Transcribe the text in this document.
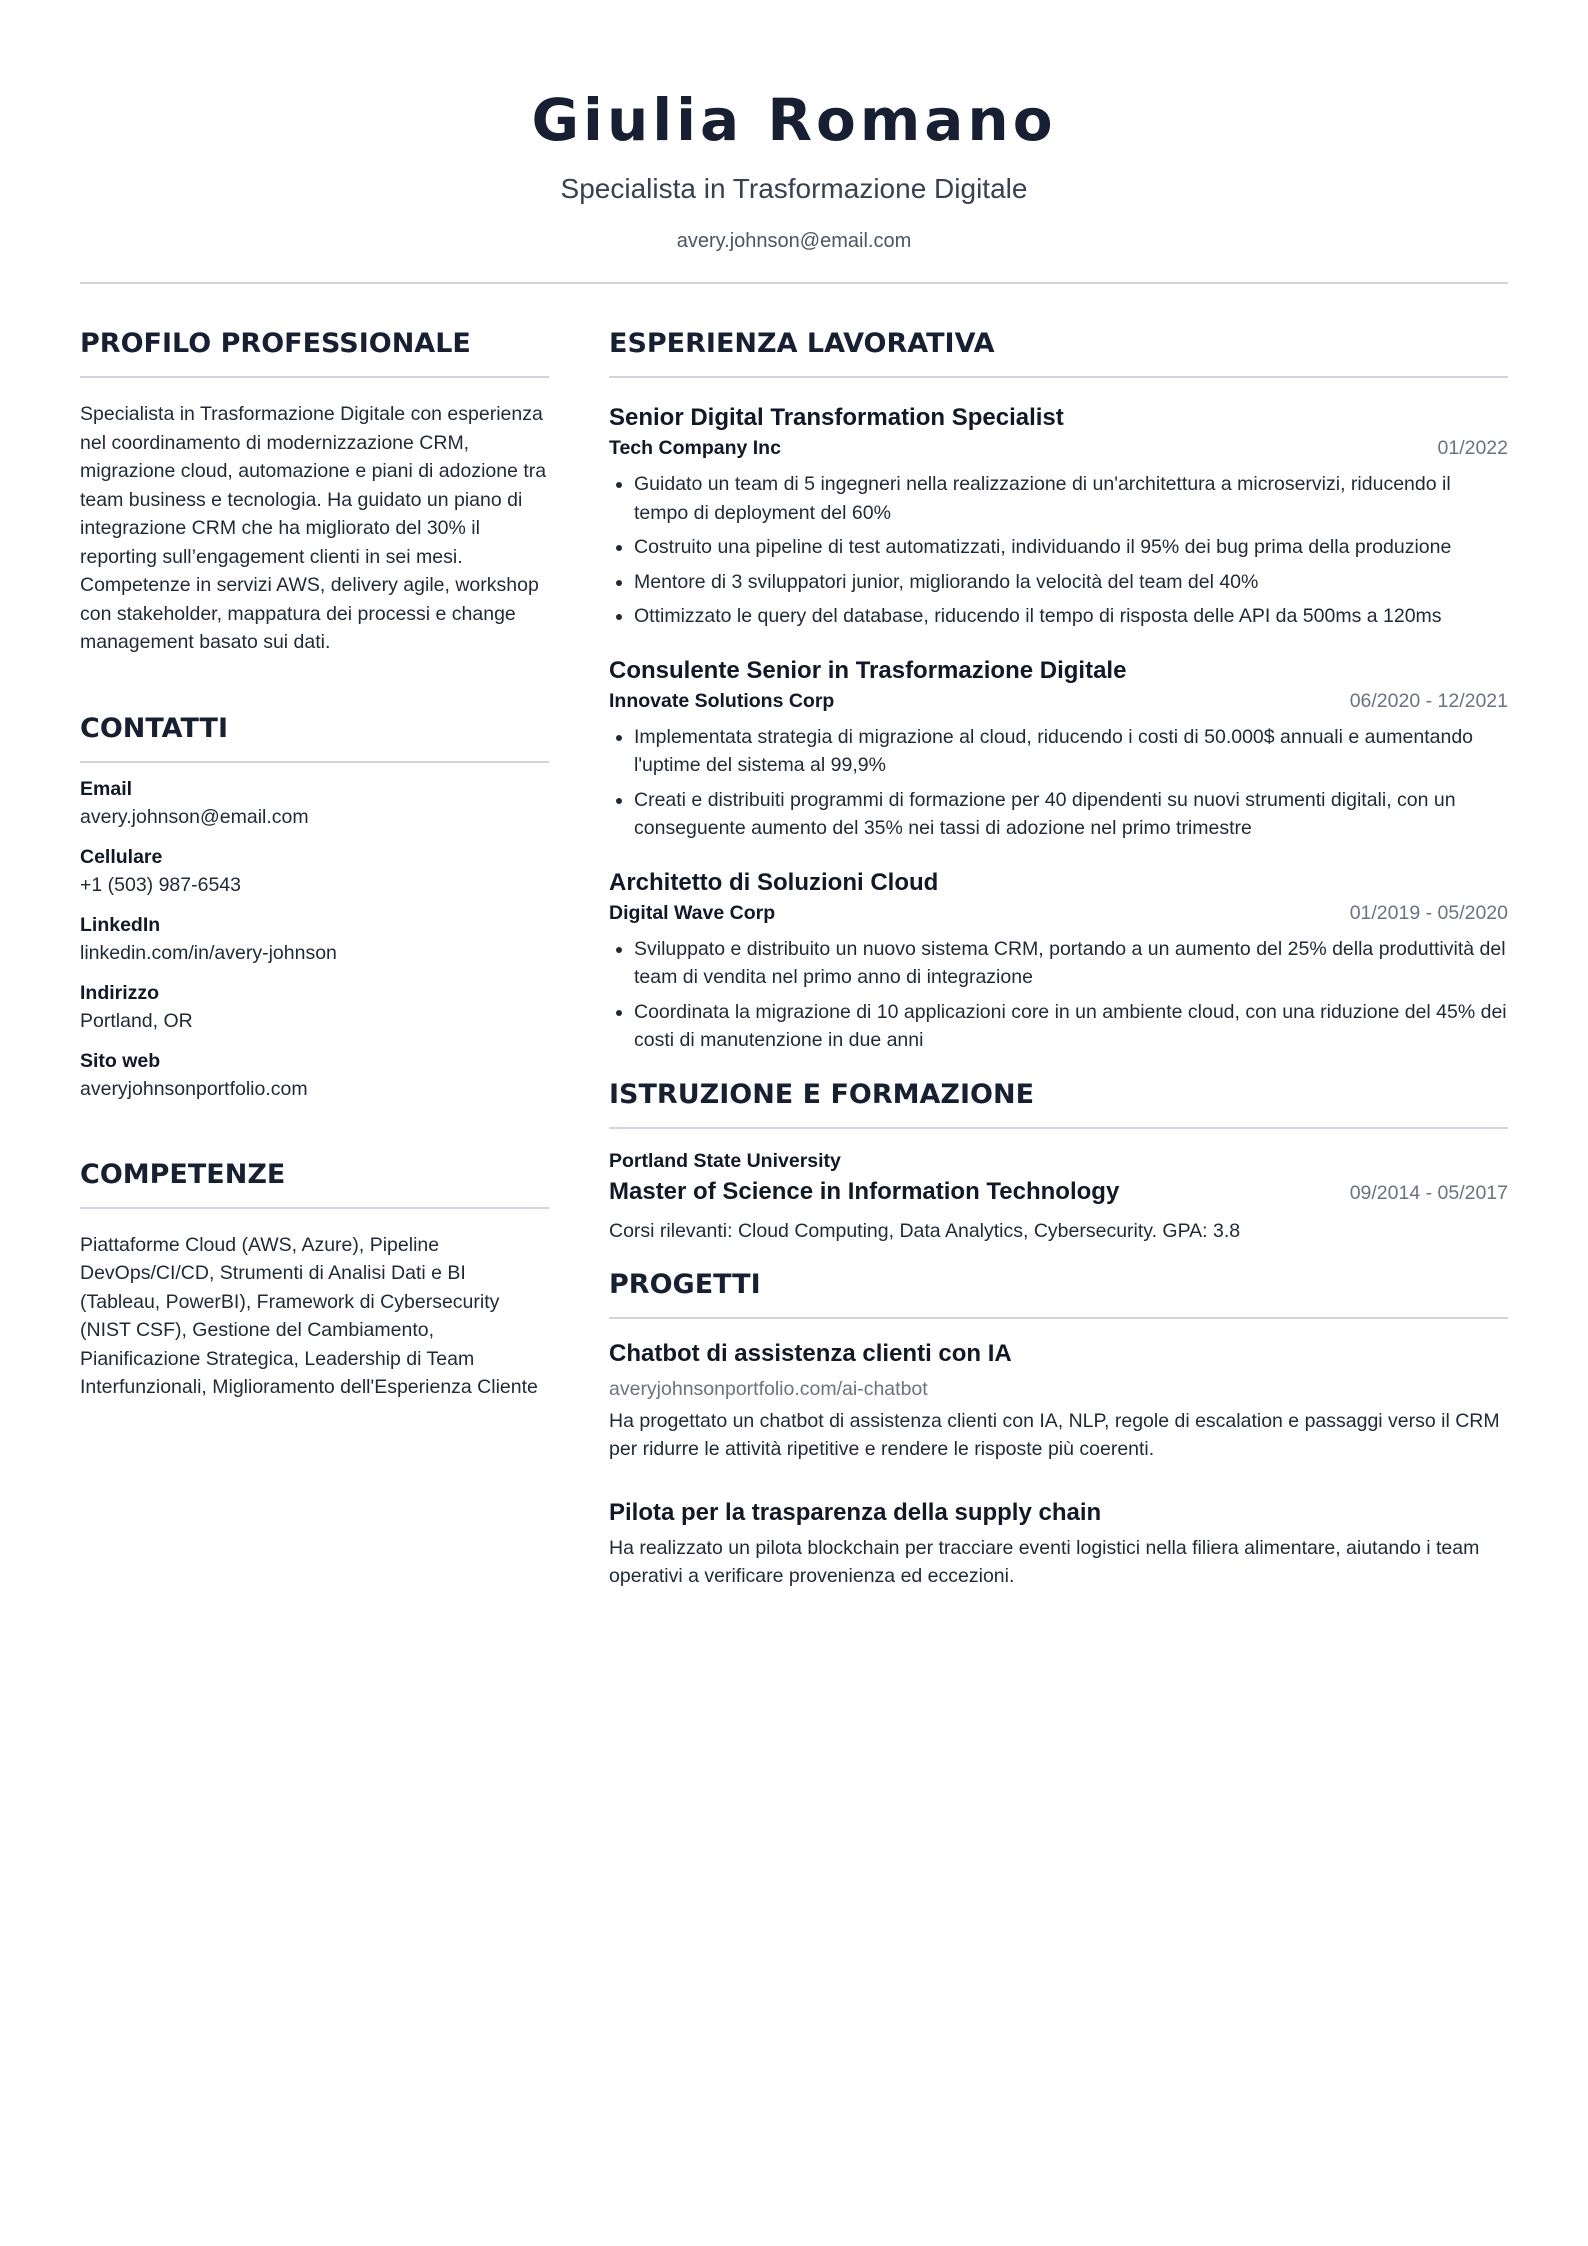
Giulia Romano
Specialista in Trasformazione Digitale
avery.johnson@email.com
PROFILO PROFESSIONALE
Specialista in Trasformazione Digitale con esperienza nel coordinamento di modernizzazione CRM, migrazione cloud, automazione e piani di adozione tra team business e tecnologia. Ha guidato un piano di integrazione CRM che ha migliorato del 30% il reporting sull’engagement clienti in sei mesi. Competenze in servizi AWS, delivery agile, workshop con stakeholder, mappatura dei processi e change management basato sui dati.
CONTATTI
Email
avery.johnson@email.com
Cellulare
+1 (503) 987-6543
LinkedIn
linkedin.com/in/avery-johnson
Indirizzo
Portland, OR
Sito web
averyjohnsonportfolio.com
COMPETENZE
Piattaforme Cloud (AWS, Azure), Pipeline DevOps/CI/CD, Strumenti di Analisi Dati e BI (Tableau, PowerBI), Framework di Cybersecurity (NIST CSF), Gestione del Cambiamento, Pianificazione Strategica, Leadership di Team Interfunzionali, Miglioramento dell'Esperienza Cliente
ESPERIENZA LAVORATIVA
Senior Digital Transformation Specialist
Tech Company Inc	01/2022
• Guidato un team di 5 ingegneri nella realizzazione di un'architettura a microservizi, riducendo il tempo di deployment del 60%
• Costruito una pipeline di test automatizzati, individuando il 95% dei bug prima della produzione
• Mentore di 3 sviluppatori junior, migliorando la velocità del team del 40%
• Ottimizzato le query del database, riducendo il tempo di risposta delle API da 500ms a 120ms
Consulente Senior in Trasformazione Digitale
Innovate Solutions Corp	06/2020 - 12/2021
• Implementata strategia di migrazione al cloud, riducendo i costi di 50.000$ annuali e aumentando l'uptime del sistema al 99,9%
• Creati e distribuiti programmi di formazione per 40 dipendenti su nuovi strumenti digitali, con un conseguente aumento del 35% nei tassi di adozione nel primo trimestre
Architetto di Soluzioni Cloud
Digital Wave Corp	01/2019 - 05/2020
• Sviluppato e distribuito un nuovo sistema CRM, portando a un aumento del 25% della produttività del team di vendita nel primo anno di integrazione
• Coordinata la migrazione di 10 applicazioni core in un ambiente cloud, con una riduzione del 45% dei costi di manutenzione in due anni
ISTRUZIONE E FORMAZIONE
Portland State University
Master of Science in Information Technology	09/2014 - 05/2017
Corsi rilevanti: Cloud Computing, Data Analytics, Cybersecurity. GPA: 3.8
PROGETTI
Chatbot di assistenza clienti con IA
averyjohnsonportfolio.com/ai-chatbot
Ha progettato un chatbot di assistenza clienti con IA, NLP, regole di escalation e passaggi verso il CRM per ridurre le attività ripetitive e rendere le risposte più coerenti.
Pilota per la trasparenza della supply chain
Ha realizzato un pilota blockchain per tracciare eventi logistici nella filiera alimentare, aiutando i team operativi a verificare provenienza ed eccezioni.
